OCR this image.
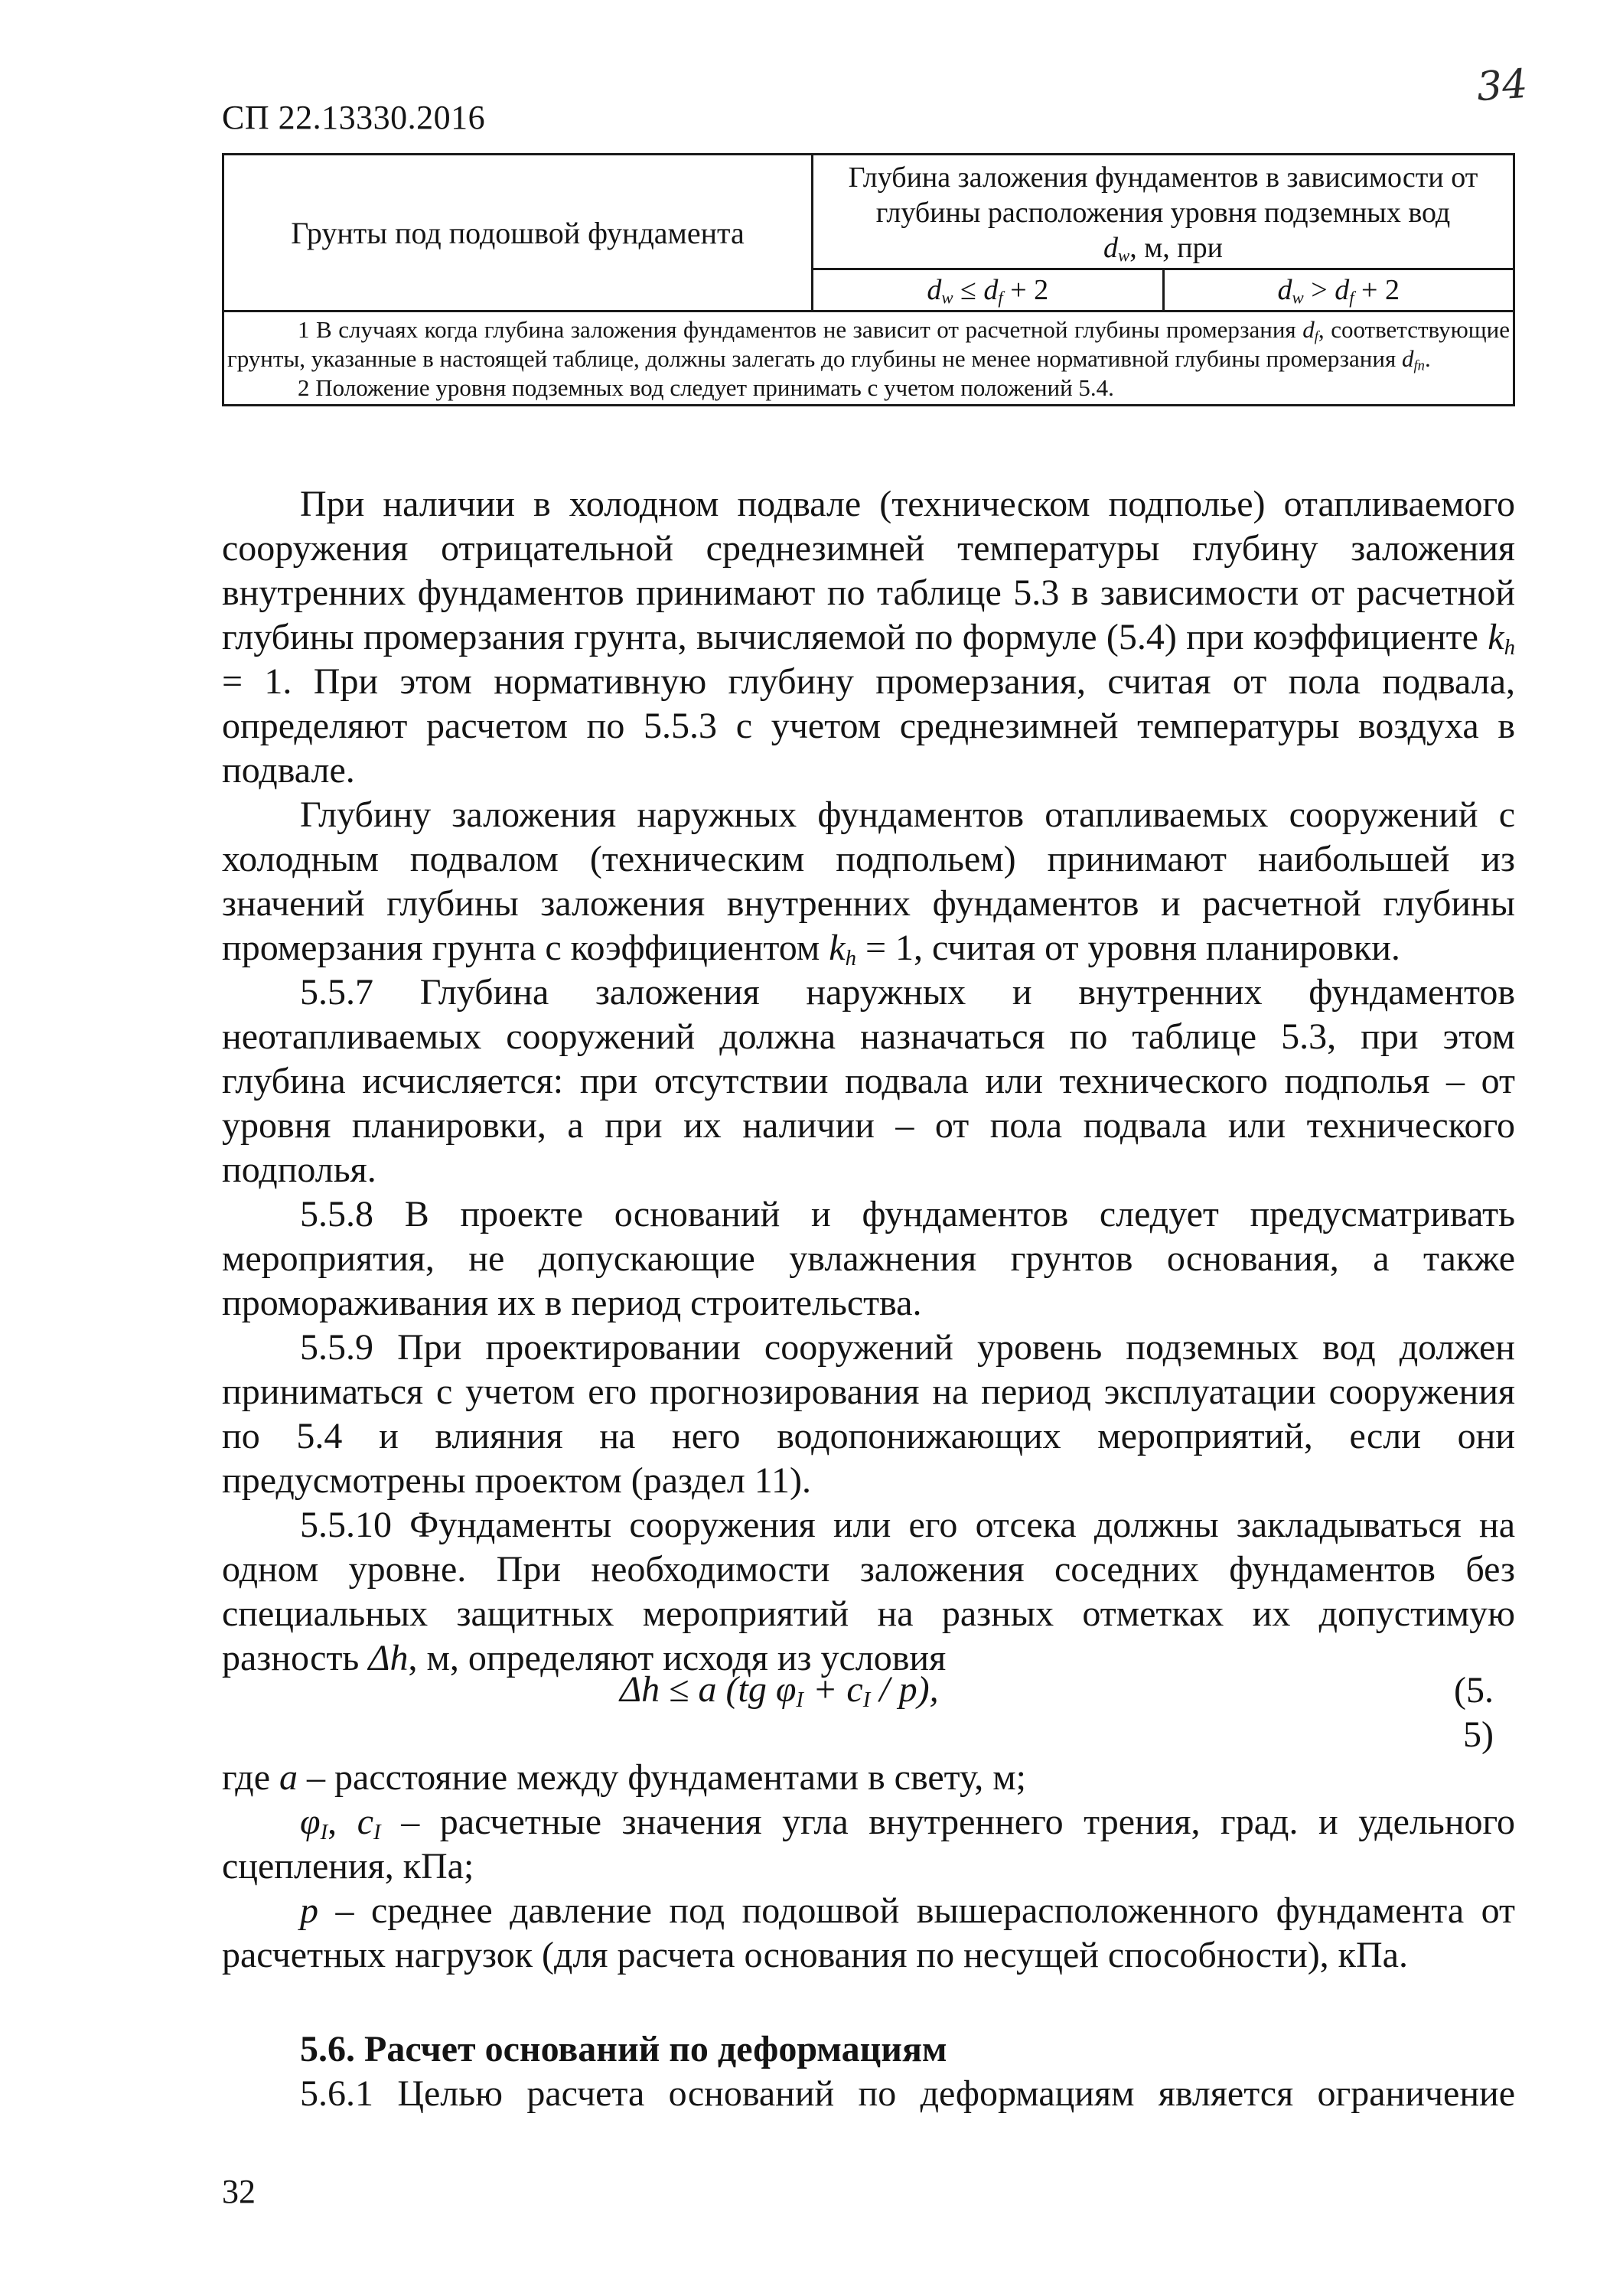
СП 22.13330.2016
34
Грунты под подошвой фундамента	Глубина заложения фундаментов в зависимости от глубины расположения уровня подземных вод
$d_w$, м, при	
	$d_w \le d_f + 2$	$d_w > d_f + 2$

1 В случаях когда глубина заложения фундаментов не зависит от расчетной глубины промерзания $d_f$, соответствующие грунты, указанные в настоящей таблице, должны залегать до глубины не менее нормативной глубины промерзания $d_{fn}$.

2 Положение уровня подземных вод следует принимать с учетом положений 5.4.		

При наличии в холодном подвале (техническом подполье) отапливаемого сооружения отрицательной среднезимней температуры глубину заложения внутренних фундаментов принимают по таблице 5.3 в зависимости от расчетной глубины промерзания грунта, вычисляемой по формуле (5.4) при коэффициенте $k_h = 1$. При этом нормативную глубину промерзания, считая от пола подвала, определяют расчетом по 5.5.3 с учетом среднезимней температуры воздуха в подвале.

Глубину заложения наружных фундаментов отапливаемых сооружений с холодным подвалом (техническим подпольем) принимают наибольшей из значений глубины заложения внутренних фундаментов и расчетной глубины промерзания грунта с коэффициентом $k_h = 1$, считая от уровня планировки.

5.5.7 Глубина заложения наружных и внутренних фундаментов неотапливаемых сооружений должна назначаться по таблице 5.3, при этом глубина исчисляется: при отсутствии подвала или технического подполья – от уровня планировки, а при их наличии – от пола подвала или технического подполья.

5.5.8 В проекте оснований и фундаментов следует предусматривать мероприятия, не допускающие увлажнения грунтов основания, а также промораживания их в период строительства.

5.5.9 При проектировании сооружений уровень подземных вод должен приниматься с учетом его прогнозирования на период эксплуатации сооружения по 5.4 и влияния на него водопонижающих мероприятий, если они предусмотрены проектом (раздел 11).

5.5.10 Фундаменты сооружения или его отсека должны закладываться на одном уровне. При необходимости заложения соседних фундаментов без специальных защитных мероприятий на разных отметках их допустимую разность Δh, м, определяют исходя из условия

Δh ≤ a (tg $\varphi_I + c_I / p$),	(5.
5)

где a – расстояние между фундаментами в свету, м;

$\varphi_I$, $c_I$ – расчетные значения угла внутреннего трения, град. и удельного сцепления, кПа;

p – среднее давление под подошвой вышерасположенного фундамента от расчетных нагрузок (для расчета основания по несущей способности), кПа.

5.6. Расчет оснований по деформациям
5.6.1 Целью расчета оснований по деформациям является ограничение
32
